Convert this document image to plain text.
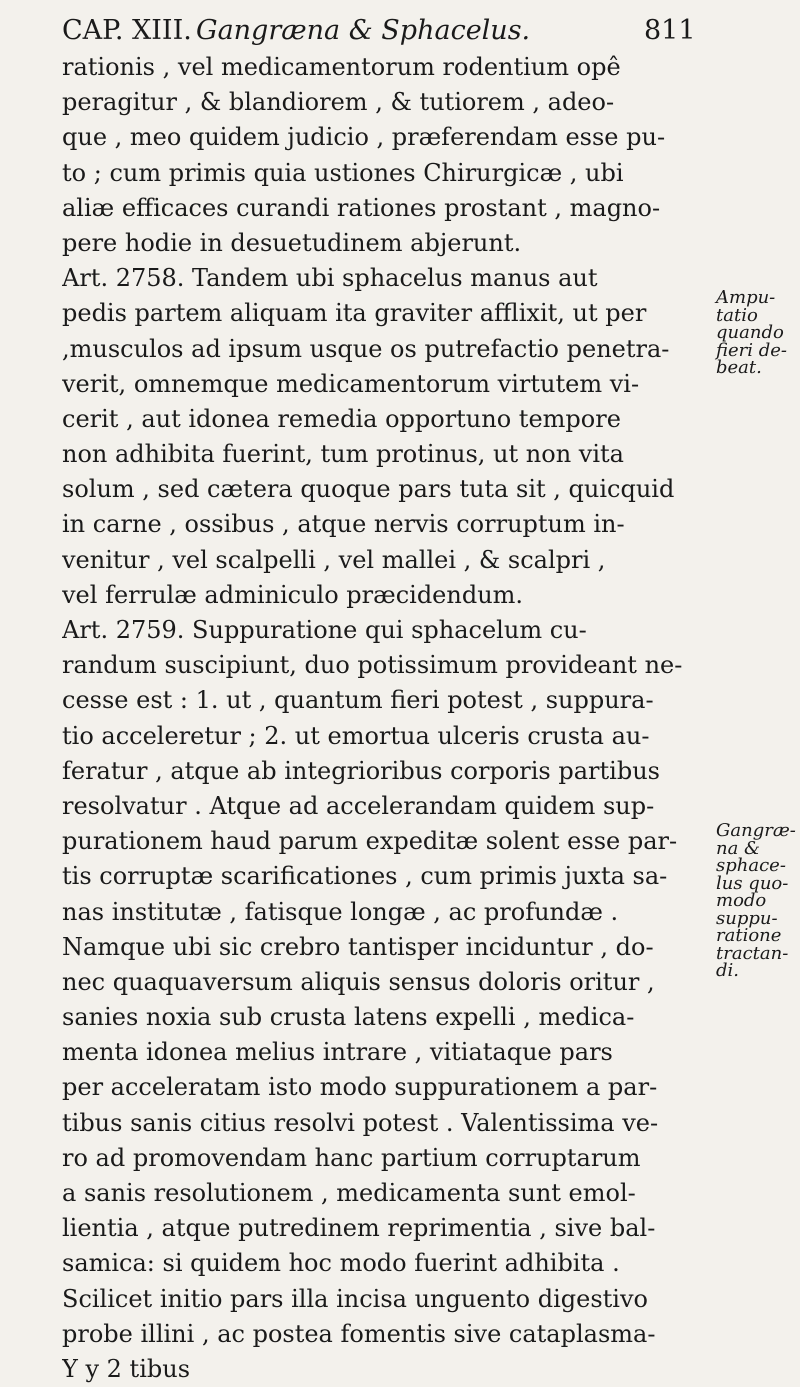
CAP. XIII. Gangræna & Sphacelus.	811
rationis , vel medicamentorum rodentium opê
peragitur , & blandiorem , & tutiorem , adeo-
que , meo quidem judicio , præferendam esse pu-
to ; cum primis quia ustiones Chirurgicæ , ubi
aliæ efficaces curandi rationes prostant , magno-
pere hodie in desuetudinem abjerunt.
Art. 2758. Tandem ubi sphacelus manus aut
pedis partem aliquam ita graviter afflixit, ut per
,musculos ad ipsum usque os putrefactio penetra-
verit, omnemque medicamentorum virtutem vi-
cerit , aut idonea remedia opportuno tempore
non adhibita fuerint, tum protinus, ut non vita
solum , sed cætera quoque pars tuta sit , quicquid
in carne , ossibus , atque nervis corruptum in-
venitur , vel scalpelli , vel mallei , & scalpri ,
vel ferrulæ adminiculo præcidendum.
Art. 2759. Suppuratione qui sphacelum cu-
randum suscipiunt, duo potissimum provideant ne-
cesse est : 1. ut , quantum fieri potest , suppura-
tio acceleretur ; 2. ut emortua ulceris crusta au-
feratur , atque ab integrioribus corporis partibus
resolvatur . Atque ad accelerandam quidem sup-
purationem haud parum expeditæ solent esse par-
tis corruptæ scarificationes , cum primis juxta sa-
nas institutæ , fatisque longæ , ac profundæ .
Namque ubi sic crebro tantisper inciduntur , do-
nec quaquaversum aliquis sensus doloris oritur ,
sanies noxia sub crusta latens expelli , medica-
menta idonea melius intrare , vitiataque pars
per acceleratam isto modo suppurationem a par-
tibus sanis citius resolvi potest . Valentissima ve-
ro ad promovendam hanc partium corruptarum
a sanis resolutionem , medicamenta sunt emol-
lientia , atque putredinem reprimentia , sive bal-
samica: si quidem hoc modo fuerint adhibita .
Scilicet initio pars illa incisa unguento digestivo
probe illini , ac postea fomentis sive cataplasma-
Y y 2 tibus
Ampu-
tatio
quando
fieri de-
beat.
Gangræ-
na &
sphace-
lus quo-
modo
suppu-
ratione
tractan-
di.
